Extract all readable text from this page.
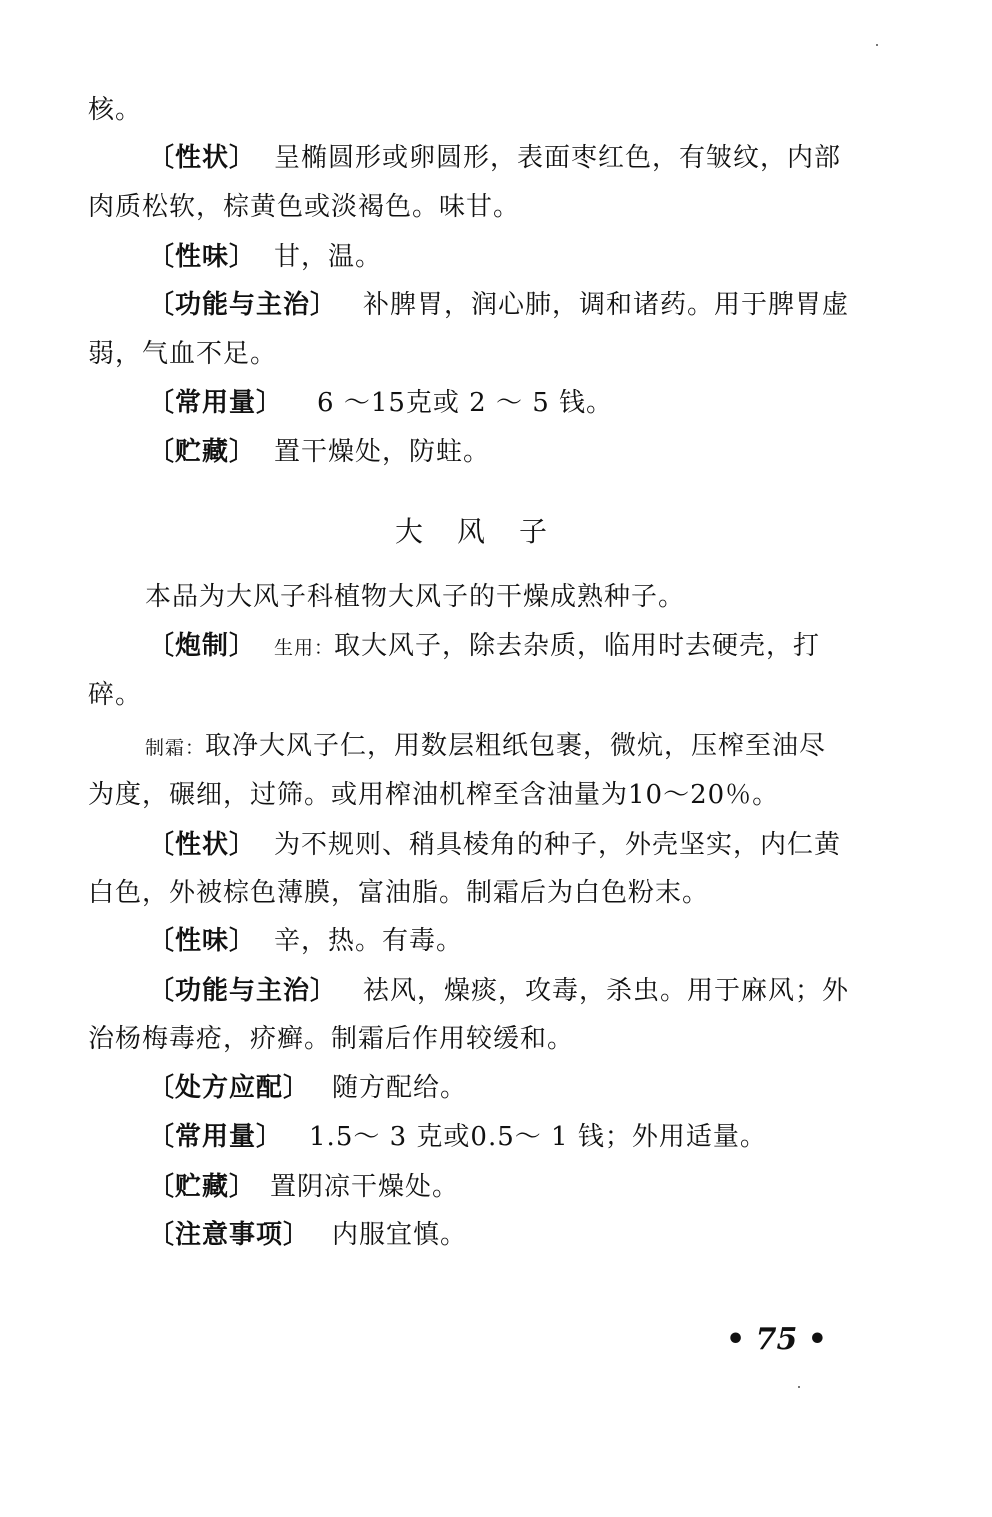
核。
〔性状〕 呈椭圆形或卵圆形，表面枣红色，有皱纹，内部
肉质松软，棕黄色或淡褐色。味甘。
〔性味〕 甘，温。
〔功能与主治〕 补脾胃，润心肺，调和诸药。用于脾胃虚
弱，气血不足。
〔常用量〕 6 ～15克或 2 ～ 5 钱。
〔贮藏〕 置干燥处，防蛀。
大风子
本品为大风子科植物大风子的干燥成熟种子。
〔炮制〕 生用：取大风子，除去杂质，临用时去硬壳，打
碎。
制霜：取净大风子仁，用数层粗纸包裹，微炕，压榨至油尽
为度，碾细，过筛。或用榨油机榨至含油量为10～20％。
〔性状〕 为不规则、稍具棱角的种子，外壳坚实，内仁黄
白色，外被棕色薄膜，富油脂。制霜后为白色粉末。
〔性味〕 辛，热。有毒。
〔功能与主治〕 祛风，燥痰，攻毒，杀虫。用于麻风；外
治杨梅毒疮，疥癣。制霜后作用较缓和。
〔处方应配〕 随方配给。
〔常用量〕 1.5～ 3 克或0.5～ 1 钱；外用适量。
〔贮藏〕 置阴凉干燥处。
〔注意事项〕 内服宜慎。
• 75 •
